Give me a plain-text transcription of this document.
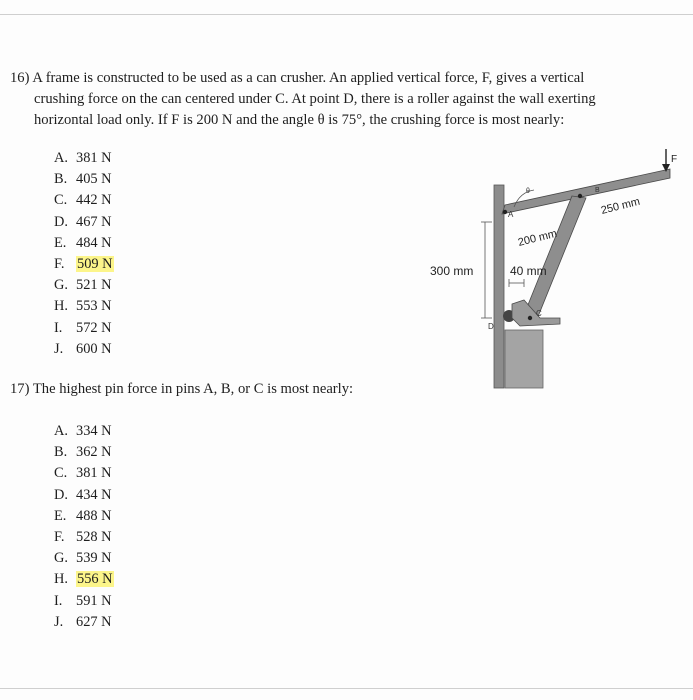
16) A frame is constructed to be used as a can crusher. An applied vertical force, F, gives a vertical
crushing force on the can centered under C. At point D, there is a roller against the wall exerting
horizontal load only. If F is 200 N and the angle θ is 75°, the crushing force is most nearly:
A. 381 N
B. 405 N
C. 442 N
D. 467 N
E. 484 N
F. 509 N
G. 521 N
H. 553 N
I. 572 N
J. 600 N
17) The highest pin force in pins A, B, or C is most nearly:
A. 334 N
B. 362 N
C. 381 N
D. 434 N
E. 488 N
F. 528 N
G. 539 N
H. 556 N
I. 591 N
J. 627 N
F
B
A
C
D
θ
250 mm
200 mm
300 mm	40 mm
